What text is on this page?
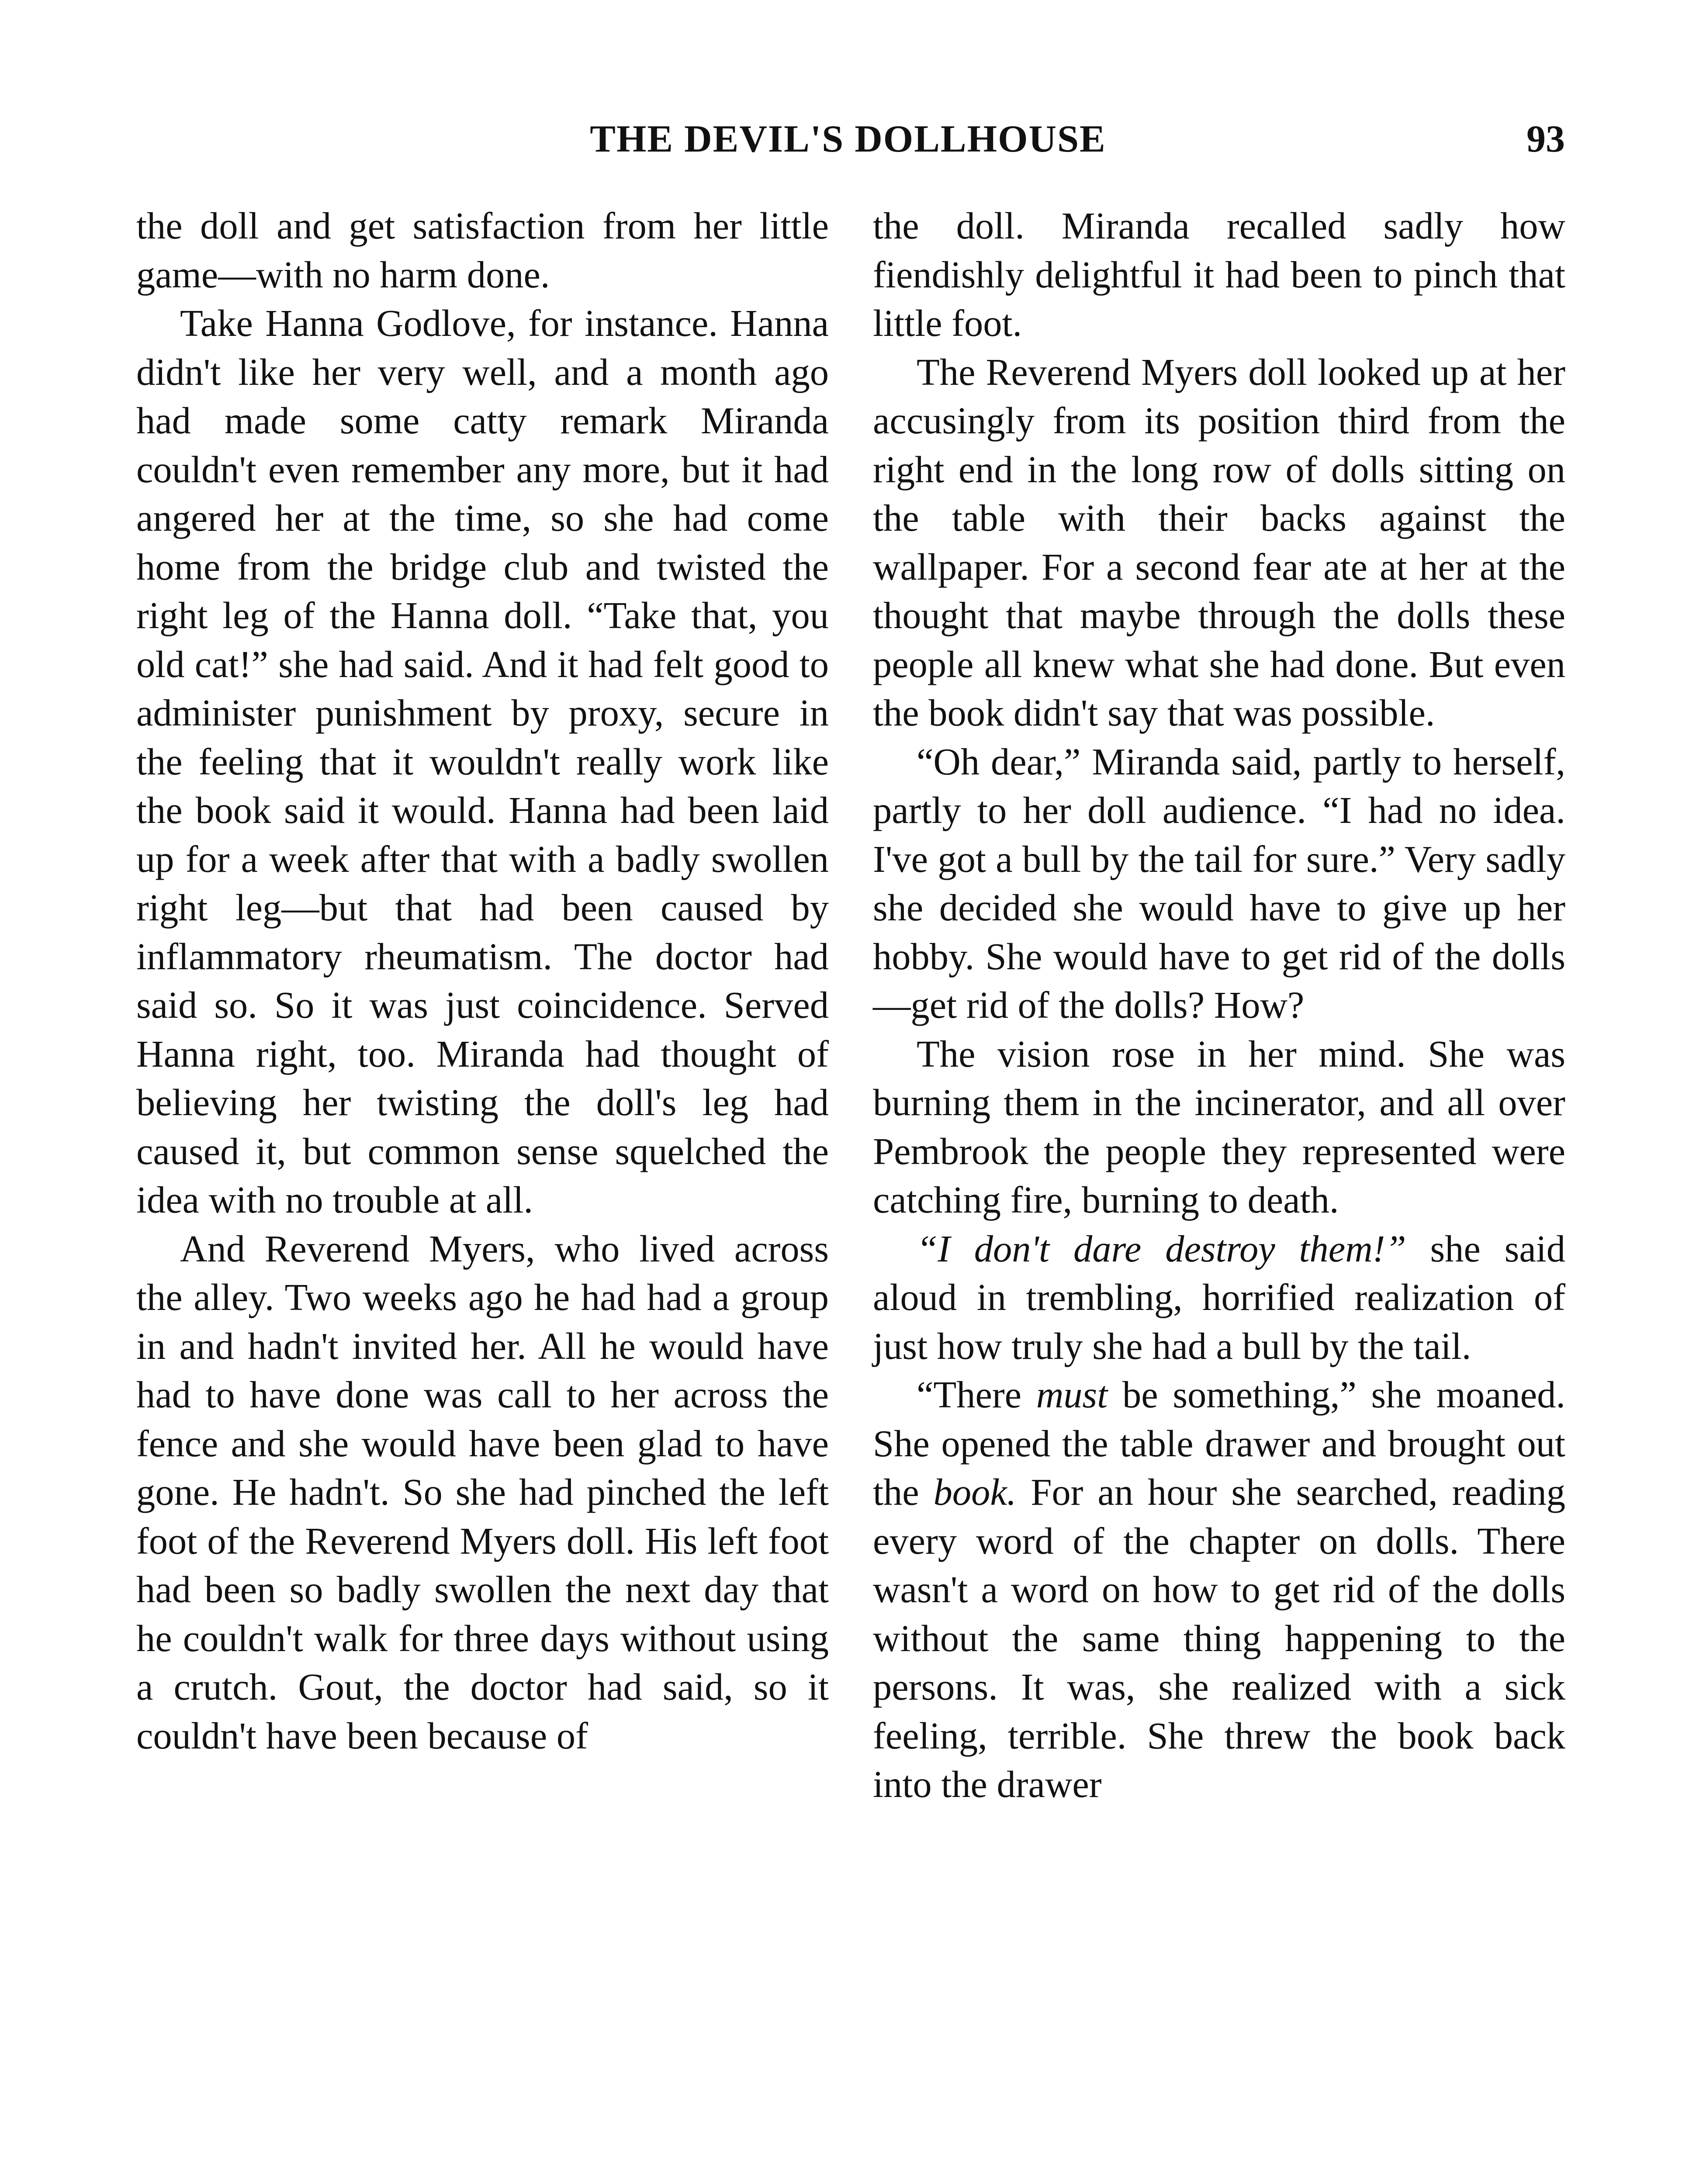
THE DEVIL'S DOLLHOUSE	93

the doll and get satisfaction from her little game—with no harm done.

Take Hanna Godlove, for instance. Hanna didn't like her very well, and a month ago had made some catty remark Miranda couldn't even remember any more, but it had angered her at the time, so she had come home from the bridge club and twisted the right leg of the Hanna doll. “Take that, you old cat!” she had said. And it had felt good to administer punishment by proxy, secure in the feeling that it wouldn't really work like the book said it would. Hanna had been laid up for a week after that with a badly swollen right leg—but that had been caused by inflammatory rheumatism. The doctor had said so. So it was just coincidence. Served Hanna right, too. Miranda had thought of believing her twisting the doll's leg had caused it, but common sense squelched the idea with no trouble at all.

And Reverend Myers, who lived across the alley. Two weeks ago he had had a group in and hadn't invited her. All he would have had to have done was call to her across the fence and she would have been glad to have gone. He hadn't. So she had pinched the left foot of the Reverend Myers doll. His left foot had been so badly swollen the next day that he couldn't walk for three days without using a crutch. Gout, the doctor had said, so it couldn't have been because of

the doll. Miranda recalled sadly how fiendishly delightful it had been to pinch that little foot.

The Reverend Myers doll looked up at her accusingly from its position third from the right end in the long row of dolls sitting on the table with their backs against the wallpaper. For a second fear ate at her at the thought that maybe through the dolls these people all knew what she had done. But even the book didn't say that was possible.

“Oh dear,” Miranda said, partly to herself, partly to her doll audience. “I had no idea. I've got a bull by the tail for sure.” Very sadly she decided she would have to give up her hobby. She would have to get rid of the dolls—get rid of the dolls? How?

The vision rose in her mind. She was burning them in the incinerator, and all over Pembrook the people they represented were catching fire, burning to death.

“I don't dare destroy them!” she said aloud in trembling, horrified realization of just how truly she had a bull by the tail.

“There must be something,” she moaned. She opened the table drawer and brought out the book. For an hour she searched, reading every word of the chapter on dolls. There wasn't a word on how to get rid of the dolls without the same thing happening to the persons. It was, she realized with a sick feeling, terrible. She threw the book back into the drawer
